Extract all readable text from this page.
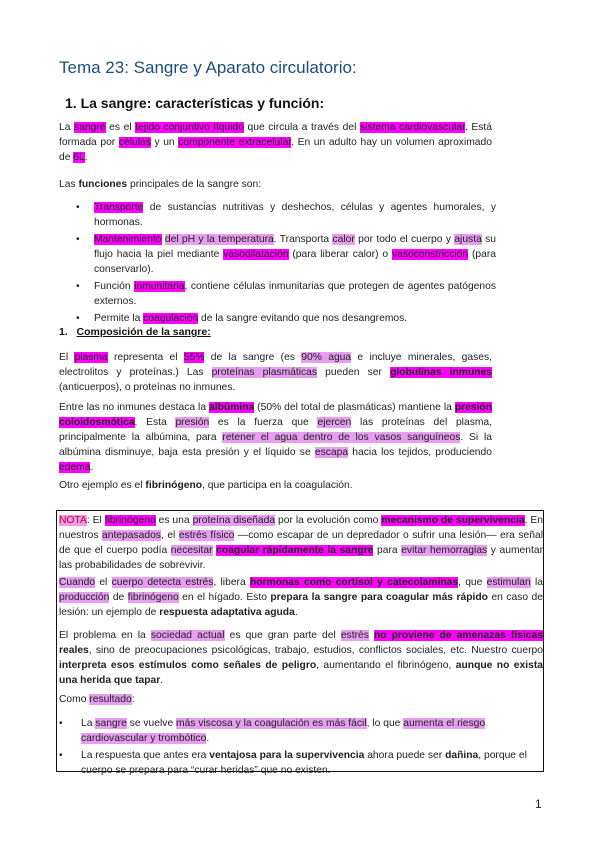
Tema 23: Sangre y Aparato circulatorio:
1. La sangre: características y función:
La sangre es el tejido conjuntivo líquido que circula a través del sistema cardiovascular. Está formada por células y un componente extracelular. En un adulto hay un volumen aproximado de 6L.
Las funciones principales de la sangre son:
• Transporte de sustancias nutritivas y deshechos, células y agentes humorales, y hormonas.
• Mantenimiento del pH y la temperatura. Transporta calor por todo el cuerpo y ajusta su flujo hacia la piel mediante vasodilatación (para liberar calor) o vasoconstricción (para conservarlo).
• Función inmunitaria, contiene células inmunitarias que protegen de agentes patógenos externos.
• Permite la coagulación de la sangre evitando que nos desangremos.
1. Composición de la sangre:
El plasma representa el 55% de la sangre (es 90% agua e incluye minerales, gases, electrolitos y proteínas.) Las proteínas plasmáticas pueden ser globulinas inmunes (anticuerpos), o proteínas no inmunes.
Entre las no inmunes destaca la albúmina (50% del total de plasmáticas) mantiene la presión coloidosmótica. Esta presión es la fuerza que ejercen las proteínas del plasma, principalmente la albúmina, para retener el agua dentro de los vasos sanguíneos. Si la albúmina disminuye, baja esta presión y el líquido se escapa hacia los tejidos, produciendo edema.
Otro ejemplo es el fibrinógeno, que participa en la coagulación.
NOTA: El fibrinógeno es una proteína diseñada por la evolución como mecanismo de supervivencia. En nuestros antepasados, el estrés físico —como escapar de un depredador o sufrir una lesión— era señal de que el cuerpo podía necesitar coagular rápidamente la sangre para evitar hemorragias y aumentar las probabilidades de sobrevivir.
Cuando el cuerpo detecta estrés, libera hormonas como cortisol y catecolaminas, que estimulan la producción de fibrinógeno en el hígado. Esto prepara la sangre para coagular más rápido en caso de lesión: un ejemplo de respuesta adaptativa aguda.
El problema en la sociedad actual es que gran parte del estrés no proviene de amenazas físicas reales, sino de preocupaciones psicológicas, trabajo, estudios, conflictos sociales, etc. Nuestro cuerpo interpreta esos estímulos como señales de peligro, aumentando el fibrinógeno, aunque no exista una herida que tapar.
Como resultado:
• La sangre se vuelve más viscosa y la coagulación es más fácil, lo que aumenta el riesgo cardiovascular y trombótico.
• La respuesta que antes era ventajosa para la supervivencia ahora puede ser dañina, porque el cuerpo se prepara para “curar heridas” que no existen.
1
